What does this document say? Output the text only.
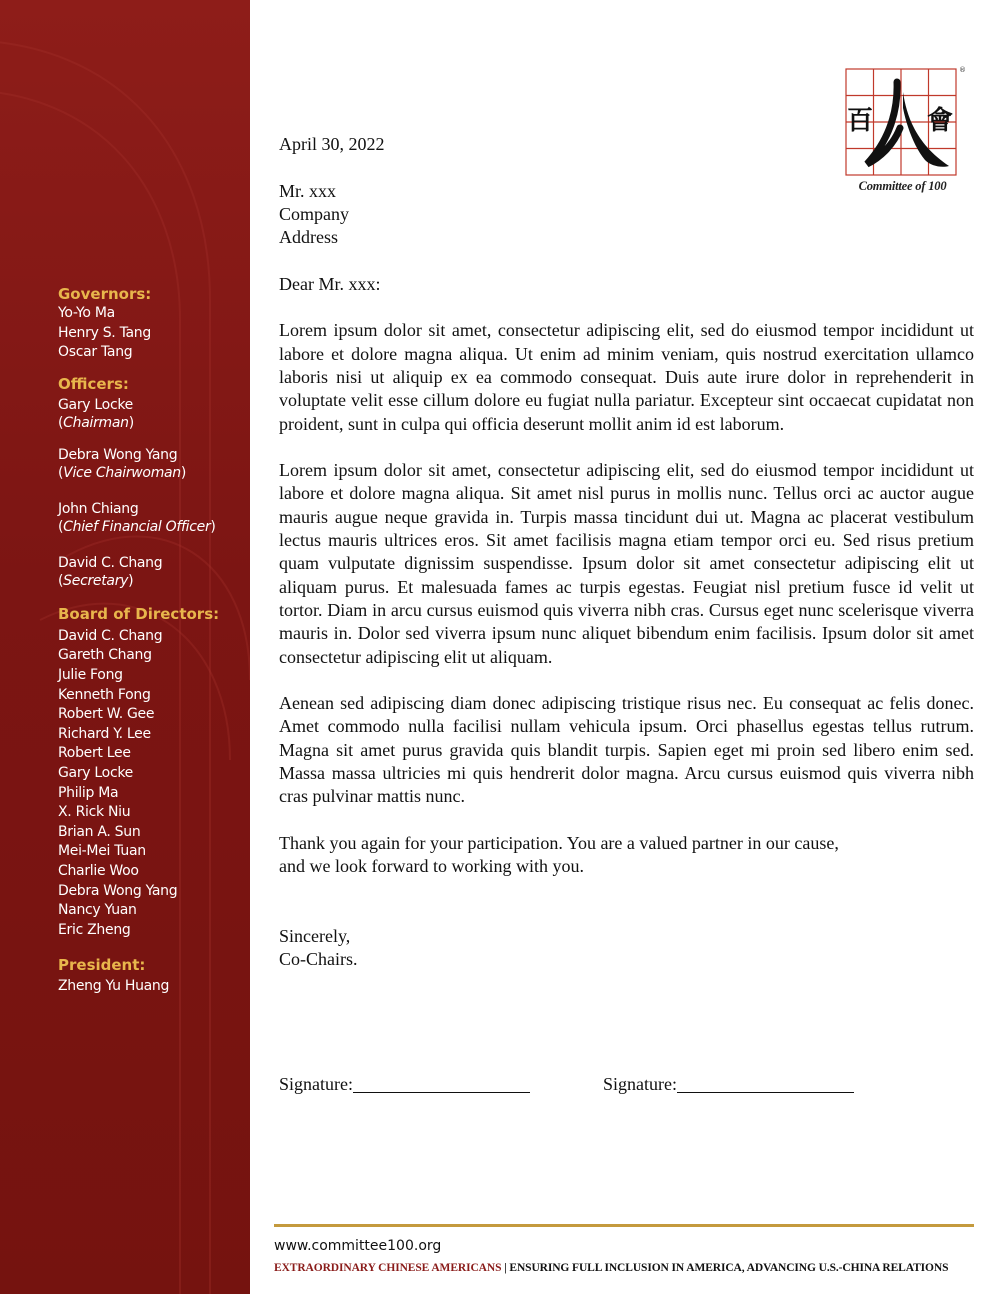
Governors:
Yo-Yo Ma
Henry S. Tang
Oscar Tang
Officers:
Gary Locke
(Chairman)
Debra Wong Yang
(Vice Chairwoman)
John Chiang
(Chief Financial Officer)
David C. Chang
(Secretary)
Board of Directors:
David C. Chang
Gareth Chang
Julie Fong
Kenneth Fong
Robert W. Gee
Richard Y. Lee
Robert Lee
Gary Locke
Philip Ma
X. Rick Niu
Brian A. Sun
Mei-Mei Tuan
Charlie Woo
Debra Wong Yang
Nancy Yuan
Eric Zheng
President:
Zheng Yu Huang
百 會
®
Committee of 100

April 30, 2022

Mr. xxx
Company
Address

Dear Mr. xxx:

Lorem ipsum dolor sit amet, consectetur adipiscing elit, sed do eiusmod tempor incididunt ut labore et dolore magna aliqua. Ut enim ad minim veniam, quis nostrud exercitation ullamco laboris nisi ut aliquip ex ea commodo consequat. Duis aute irure dolor in reprehenderit in voluptate velit esse cillum dolore eu fugiat nulla pariatur. Excepteur sint occaecat cupidatat non proident, sunt in culpa qui officia deserunt mollit anim id est laborum.

Lorem ipsum dolor sit amet, consectetur adipiscing elit, sed do eiusmod tempor incididunt ut labore et dolore magna aliqua. Sit amet nisl purus in mollis nunc. Tellus orci ac auctor augue mauris augue neque gravida in. Turpis massa tincidunt dui ut. Magna ac placerat vestibulum lectus mauris ultrices eros. Sit amet facilisis magna etiam tempor orci eu. Sed risus pretium quam vulputate dignissim suspendisse. Ipsum dolor sit amet consectetur adipiscing elit ut aliquam purus. Et malesuada fames ac turpis egestas. Feugiat nisl pretium fusce id velit ut tortor. Diam in arcu cursus euismod quis viverra nibh cras. Cursus eget nunc scelerisque viverra mauris in. Dolor sed viverra ipsum nunc aliquet bibendum enim facilisis. Ipsum dolor sit amet consectetur adipiscing elit ut aliquam.

Aenean sed adipiscing diam donec adipiscing tristique risus nec. Eu consequat ac felis donec. Amet commodo nulla facilisi nullam vehicula ipsum. Orci phasellus egestas tellus rutrum. Magna sit amet purus gravida quis blandit turpis. Sapien eget mi proin sed libero enim sed. Massa massa ultricies mi quis hendrerit dolor magna. Arcu cursus euismod quis viverra nibh cras pulvinar mattis nunc.

Thank you again for your participation. You are a valued partner in our cause,
and we look forward to working with you.

Sincerely,
Co-Chairs.

Signature:	Signature:
www.committee100.org
EXTRAORDINARY CHINESE AMERICANS | ENSURING FULL INCLUSION IN AMERICA, ADVANCING U.S.-CHINA RELATIONS
